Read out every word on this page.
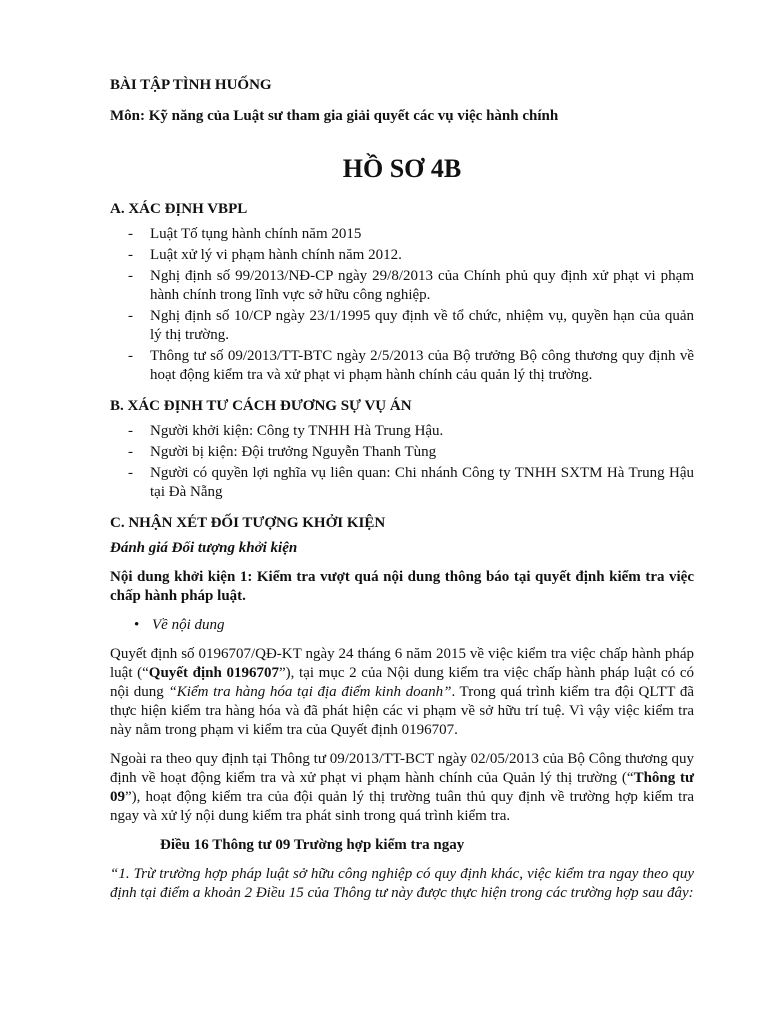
BÀI TẬP TÌNH HUỐNG

Môn: Kỹ năng của Luật sư tham gia giải quyết các vụ việc hành chính

HỒ SƠ 4B

A. XÁC ĐỊNH VBPL

- Luật Tố tụng hành chính năm 2015
- Luật xử lý vi phạm hành chính năm 2012.
- Nghị định số 99/2013/NĐ-CP ngày 29/8/2013 của Chính phủ quy định xử phạt vi phạm hành chính trong lĩnh vực sở hữu công nghiệp.
- Nghị định số 10/CP ngày 23/1/1995 quy định về tổ chức, nhiệm vụ, quyền hạn của quản lý thị trường.
- Thông tư số 09/2013/TT-BTC ngày 2/5/2013 của Bộ trưởng Bộ công thương quy định về hoạt động kiểm tra và xử phạt vi phạm hành chính cảu quản lý thị trường.

B. XÁC ĐỊNH TƯ CÁCH ĐƯƠNG SỰ VỤ ÁN

- Người khởi kiện: Công ty TNHH Hà Trung Hậu.
- Người bị kiện: Đội trưởng Nguyễn Thanh Tùng
- Người có quyền lợi nghĩa vụ liên quan: Chi nhánh Công ty TNHH SXTM Hà Trung Hậu tại Đà Nẵng

C. NHẬN XÉT ĐỐI TƯỢNG KHỞI KIỆN

Đánh giá Đối tượng khởi kiện

Nội dung khởi kiện 1: Kiểm tra vượt quá nội dung thông báo tại quyết định kiểm tra việc chấp hành pháp luật.

• Về nội dung

Quyết định số 0196707/QĐ-KT ngày 24 tháng 6 năm 2015 về việc kiểm tra việc chấp hành pháp luật (“Quyết định 0196707”), tại mục 2 của Nội dung kiểm tra việc chấp hành pháp luật có có nội dung “Kiểm tra hàng hóa tại địa điểm kinh doanh”. Trong quá trình kiểm tra đội QLTT đã thực hiện kiểm tra hàng hóa và đã phát hiện các vi phạm về sở hữu trí tuệ. Vì vậy việc kiểm tra này nằm trong phạm vi kiểm tra của Quyết định 0196707.

Ngoài ra theo quy định tại Thông tư 09/2013/TT-BCT ngày 02/05/2013 của Bộ Công thương quy định về hoạt động kiểm tra và xử phạt vi phạm hành chính của Quản lý thị trường (“Thông tư 09”), hoạt động kiểm tra của đội quản lý thị trường tuân thủ quy định về trường hợp kiểm tra ngay và xử lý nội dung kiểm tra phát sinh trong quá trình kiểm tra.

Điều 16 Thông tư 09 Trường hợp kiểm tra ngay

“1. Trừ trường hợp pháp luật sở hữu công nghiệp có quy định khác, việc kiểm tra ngay theo quy định tại điểm a khoản 2 Điều 15 của Thông tư này được thực hiện trong các trường hợp sau đây:
